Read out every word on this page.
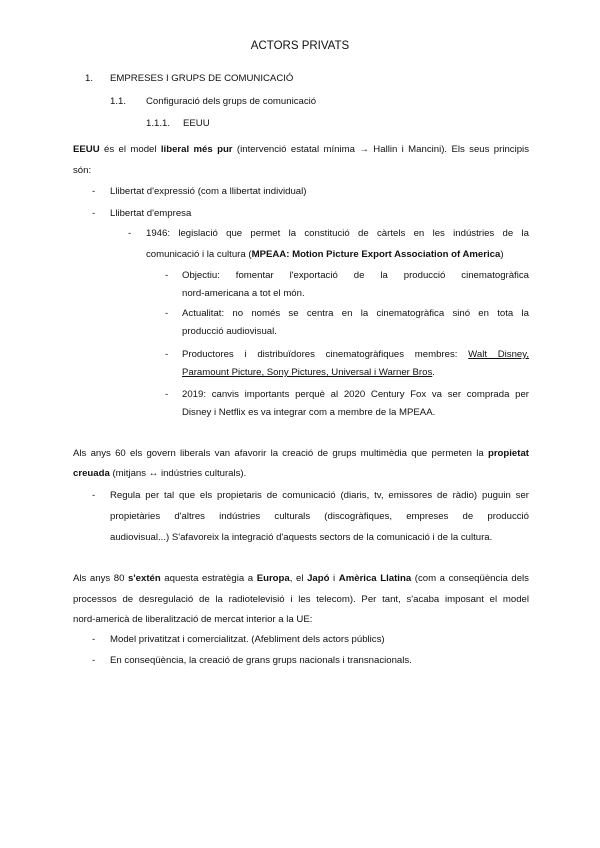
ACTORS PRIVATS
1. EMPRESES I GRUPS DE COMUNICACIÓ
1.1. Configuració dels grups de comunicació
1.1.1. EEUU
EEUU és el model liberal més pur (intervenció estatal mínima → Hallin i Mancini). Els seus principis
són:
- Llibertat d'expressió (com a llibertat individual)
- Llibertat d'empresa
- 1946: legislació que permet la constitució de càrtels en les indústries de la
comunicació i la cultura (MPEAA: Motion Picture Export Association of America)
- Objectiu: fomentar l'exportació de la producció cinematogràfica
nord-americana a tot el món.
- Actualitat: no només se centra en la cinematogràfica sinó en tota la
producció audiovisual.
- Productores i distribuïdores cinematogràfiques membres: Walt Disney,
Paramount Picture, Sony Pictures, Universal i Warner Bros.
- 2019: canvis importants perquè al 2020 Century Fox va ser comprada per
Disney i Netflix es va integrar com a membre de la MPEAA.
Als anys 60 els govern liberals van afavorir la creació de grups multimèdia que permeten la propietat
creuada (mitjans ↔ indústries culturals).
- Regula per tal que els propietaris de comunicació (diaris, tv, emissores de ràdio) puguin ser
propietàries d'altres indústries culturals (discogràfiques, empreses de producció
audiovisual...) S'afavoreix la integració d'aquests sectors de la comunicació i de la cultura.
Als anys 80 s'extén aquesta estratègia a Europa, el Japó i Amèrica Llatina (com a conseqüència dels
processos de desregulació de la radiotelevisió i les telecom). Per tant, s'acaba imposant el model
nord-americà de liberalització de mercat interior a la UE:
- Model privatitzat i comercialitzat. (Afebliment dels actors públics)
- En conseqüència, la creació de grans grups nacionals i transnacionals.
